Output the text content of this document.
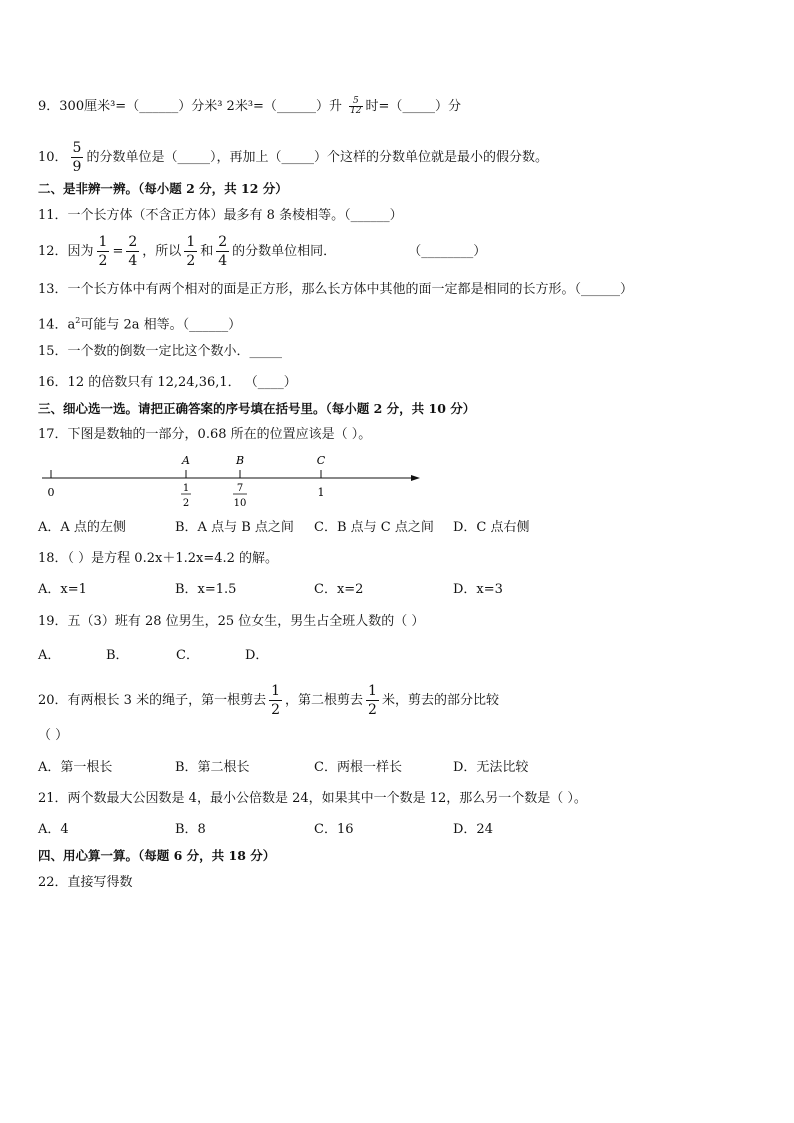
9．300厘米³=（______）分米³ 2米³=（______）升 $\frac{5}{12}$ 时=（_____）分
10． $\frac{5}{9}$ 的分数单位是（_____），再加上（_____）个这样的分数单位就是最小的假分数。
二、是非辨一辨。（每小题 2 分，共 12 分）
11．一个长方体（不含正方体）最多有 8 条棱相等。（______）
12．因为 $\frac{1}{2} = \frac{2}{4}$ ，所以 $\frac{1}{2}$ 和 $\frac{2}{4}$ 的分数单位相同．	（________）
13．一个长方体中有两个相对的面是正方形，那么长方体中其他的面一定都是相同的长方形。（______）
14．$a^2$可能与 2a 相等。（______）
15．一个数的倒数一定比这个数小．_____
16．12 的倍数只有 12,24,36,1． （____）
三、细心选一选。请把正确答案的序号填在括号里。（每小题 2 分，共 10 分）
17．下图是数轴的一部分，0.68 所在的位置应该是（ ）。
A	B	C
0	1
2
7
10
1
A．A 点的左侧	B．A 点与 B 点之间 C．B 点与 C 点之间 D．C 点右侧
18．（ ）是方程 0.2x＋1.2x=4.2 的解。
A．x=1	B．x=1.5	C．x=2	D．x=3
19．五（3）班有 28 位男生，25 位女生，男生占全班人数的（ ）
A．	B．	C．	D．
20．有两根长 3 米的绳子，第一根剪去 $\frac{1}{2}$ ，第二根剪去 $\frac{1}{2}$ 米，剪去的部分比较
（ ）
A．第一根长	B．第二根长	C．两根一样长	D．无法比较
21．两个数最大公因数是 4，最小公倍数是 24，如果其中一个数是 12，那么另一个数是（ ）。
A．4	B．8	C．16	D．24
四、用心算一算。（每题 6 分，共 18 分）
22．直接写得数
